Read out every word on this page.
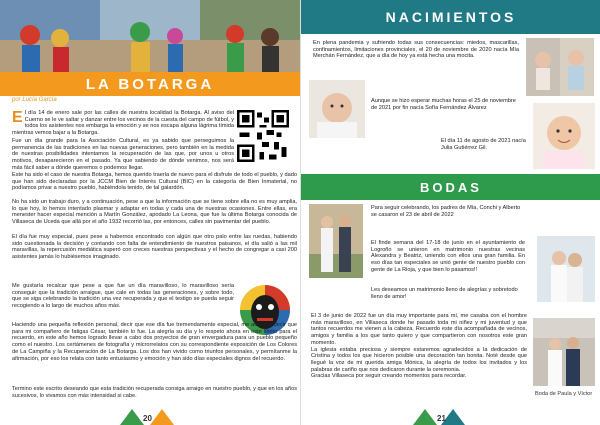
LA BOTARGA
por Lucía García
El día 14 de enero sale por las calles de nuestra localidad la Botarga. Al aviso del Cuerno se le ve saltar y danzar entre los vecinos de la cuesta del campo de fútbol, y todos los asistentes nos embarga la emoción y se nos escapa alguna lágrima tímida mientras vemos bajar a la Botarga.
Fue un día grande para la Asociación Cultural, es ya sabido que perseguimos la permanencia de las tradiciones en las nuevas generaciones, pero también en la medida de nuestras posibilidades intentamos la recuperación de las que, por unos u otros motivos, desaparecieron en el pasado. Ya que sabiendo de dónde venimos, nos será más fácil saber a dónde queremos o podemos llegar.
Este ha sido el caso de nuestra Botarga, hemos querido traerla de nuevo para el disfrute de todo el pueblo, y dado que han sido declaradas por la JCCM Bien de Interés Cultural (BIC) en la categoría de Bien Inmaterial, no podíamos privar a nuestro pueblo, habiéndola tenido, de tal galardón.
No ha sido un trabajo duro, y a continuación, pese a que la información que se tiene sobre ella no es muy amplia, lo que hoy, lo hemos intentado plasmar y adaptar en todas y cada una de nuestras ocasiones. Entre ellas, era menester hacer especial mención a Martín González, apodado La Leona, que fue la última Botarga conocida de Villaseca de Uceda que allá por el año 1932 recorrió las, por entonces, calles sin pavimentar del pueblo.
El día fue muy especial, pues pese a habernos encontrado con algún que otro palo entre las ruedas, habiendo sido cuestionada la decisión y contando con falta de entendimiento de nuestros paisanos, el día salió a las mil maravillas, la repercusión mediática superó con creces nuestras perspectivas y el hecho de congregar a casi 200 asistentes jamás lo hubiésemos imaginado.
Me gustaría recalcar que pese a que fue un día maravilloso, lo maravilloso sería conseguir que la tradición arraigue, que cale en todas las generaciones, y sobre todo, que se siga celebrando la tradición una vez recuperada y que el testigo se pueda seguir recogiendo a lo largo de muchos años más.
Haciendo una pequeña reflexión personal, decir que ese día fue tremendamente especial, me atrevo a decir que para mi compañero de fatigas César, también lo fue. La alegría su día y lo respeto ahora en este librito para el recuerdo, en este año hemos logrado llevar a cabo dos proyectos de gran envergadura para un pueblo pequeño como el nuestro. Los certámenes de fotografía y microrrelatos con su correspondiente exposición de Los Colores de La Campiña y la Recuperación de La Botarga. Los dos han vivido como triunfos personales, y permítanme la afirmación, por eso los relata con tanto entusiasmo y emoción y han sido días especiales dignos del recuerdo.
Termino este escrito deseando que esta tradición recuperada consiga arraigo en nuestro pueblo, y que en los años sucesivos, lo vivamos con más intensidad si cabe.
20
NACIMIENTOS
En plena pandemia y sufriendo todas sus consecuencias: miedos, mascarillas, confinamientos, limitaciones provinciales, el 20 de noviembre de 2020 nacía Mía Merchán Fernández, que a día de hoy ya está hecha una mocita.
Aunque se hizo esperar muchas horas el 25 de noviembre de 2021 por fin nacía Sofía Fernández Álvarez
El día 11 de agosto de 2021 nacía Julia Gutiérrez Gil.
BODAS
Para seguir celebrando, los padres de Mía, Conchi y Alberto se casaron el 23 de abril de 2022
El finde semana del 17-18 de junio en el ayuntamiento de Logroño se unieron en matrimonio nuestras vecinas Alexandra y Beatriz, uniendo con ellos una gran familia. En eso días tan especiales se unió gente de nuestro pueblo con gente de La Rioja, y que bien lo pasamos!!
Les deseamos un matrimonio lleno de alegrías y sobretodo lleno de amor!

El 3 de junio de 2022 fue un día muy importante para mí, me casaba con el hombre más maravilloso, en Villaseca donde he pasado toda mi niñez y mi juventud y que tantos recuerdos me vienen a la cabeza. Recuerdo este día acompañada de vecinos, amigos y familia a los que tanto quiero y que compartieron con nosotros este gran momento.

La iglesia estaba preciosa y siempre estaremos agradecidos a la dedicación de Cristina y todos los que hicieron posible una decoración tan bonita. Noté desde que llegué la voz de mi querida amiga Mónica, la alegría de todos los invitados y los palabras de cariño que nos dedicaron durante la ceremonia.

Gracias Villaseca por seguir creando momentos para recordar.

Boda de Paula y Víctor
21
